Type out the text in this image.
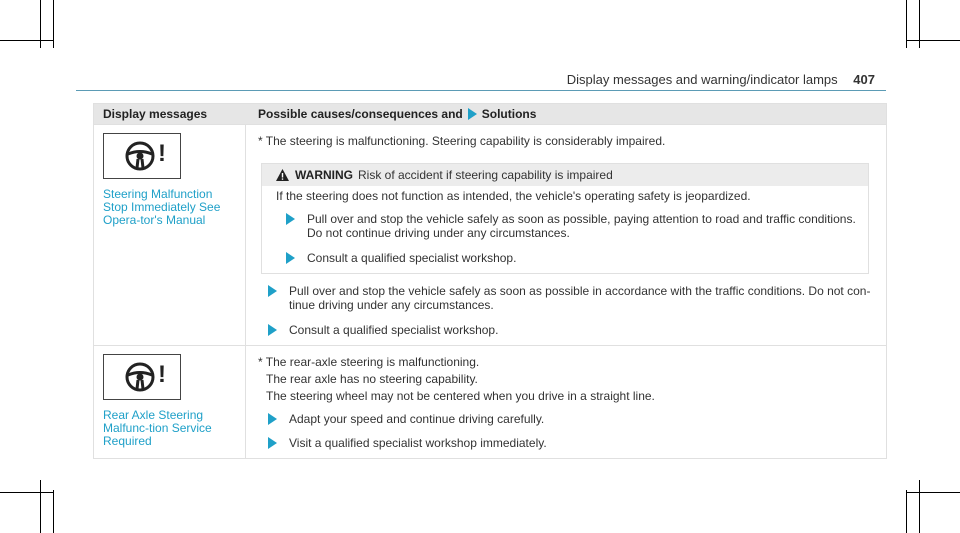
Display messages and warning/indicator lamps 407
Display messages	Possible causes/consequences and Solutions
!
Steering Malfunction Stop Immediately See Opera-tor's Manual

* The steering is malfunctioning. Steering capability is considerably impaired.

WARNING Risk of accident if steering capability is impaired

If the steering does not function as intended, the vehicle's operating safety is jeopardized.

Pull over and stop the vehicle safely as soon as possible, paying attention to road and traffic conditions. Do not continue driving under any circumstances.
Consult a qualified specialist workshop.
Pull over and stop the vehicle safely as soon as possible in accordance with the traffic conditions. Do not con-tinue driving under any circumstances.
Consult a qualified specialist workshop.
!
Rear Axle Steering Malfunc-tion Service Required

* The rear-axle steering is malfunctioning.

The rear axle has no steering capability.

The steering wheel may not be centered when you drive in a straight line.

Adapt your speed and continue driving carefully.
Visit a qualified specialist workshop immediately.
